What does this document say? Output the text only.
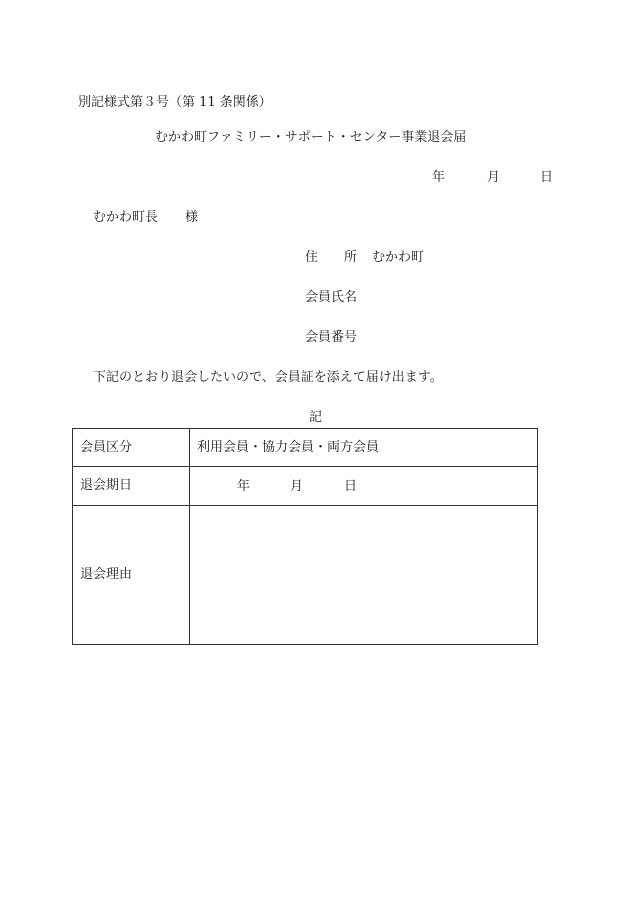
別記様式第３号（第 11 条関係）
むかわ町ファミリー・サポート・センター事業退会届
年	月	日
むかわ町長 様
住　　所 むかわ町
会員氏名
会員番号
下記のとおり退会したいので、会員証を添えて届け出ます。
記
会員区分	利用会員・協力会員・両方会員
退会期日	年 月 日

退会理由	
